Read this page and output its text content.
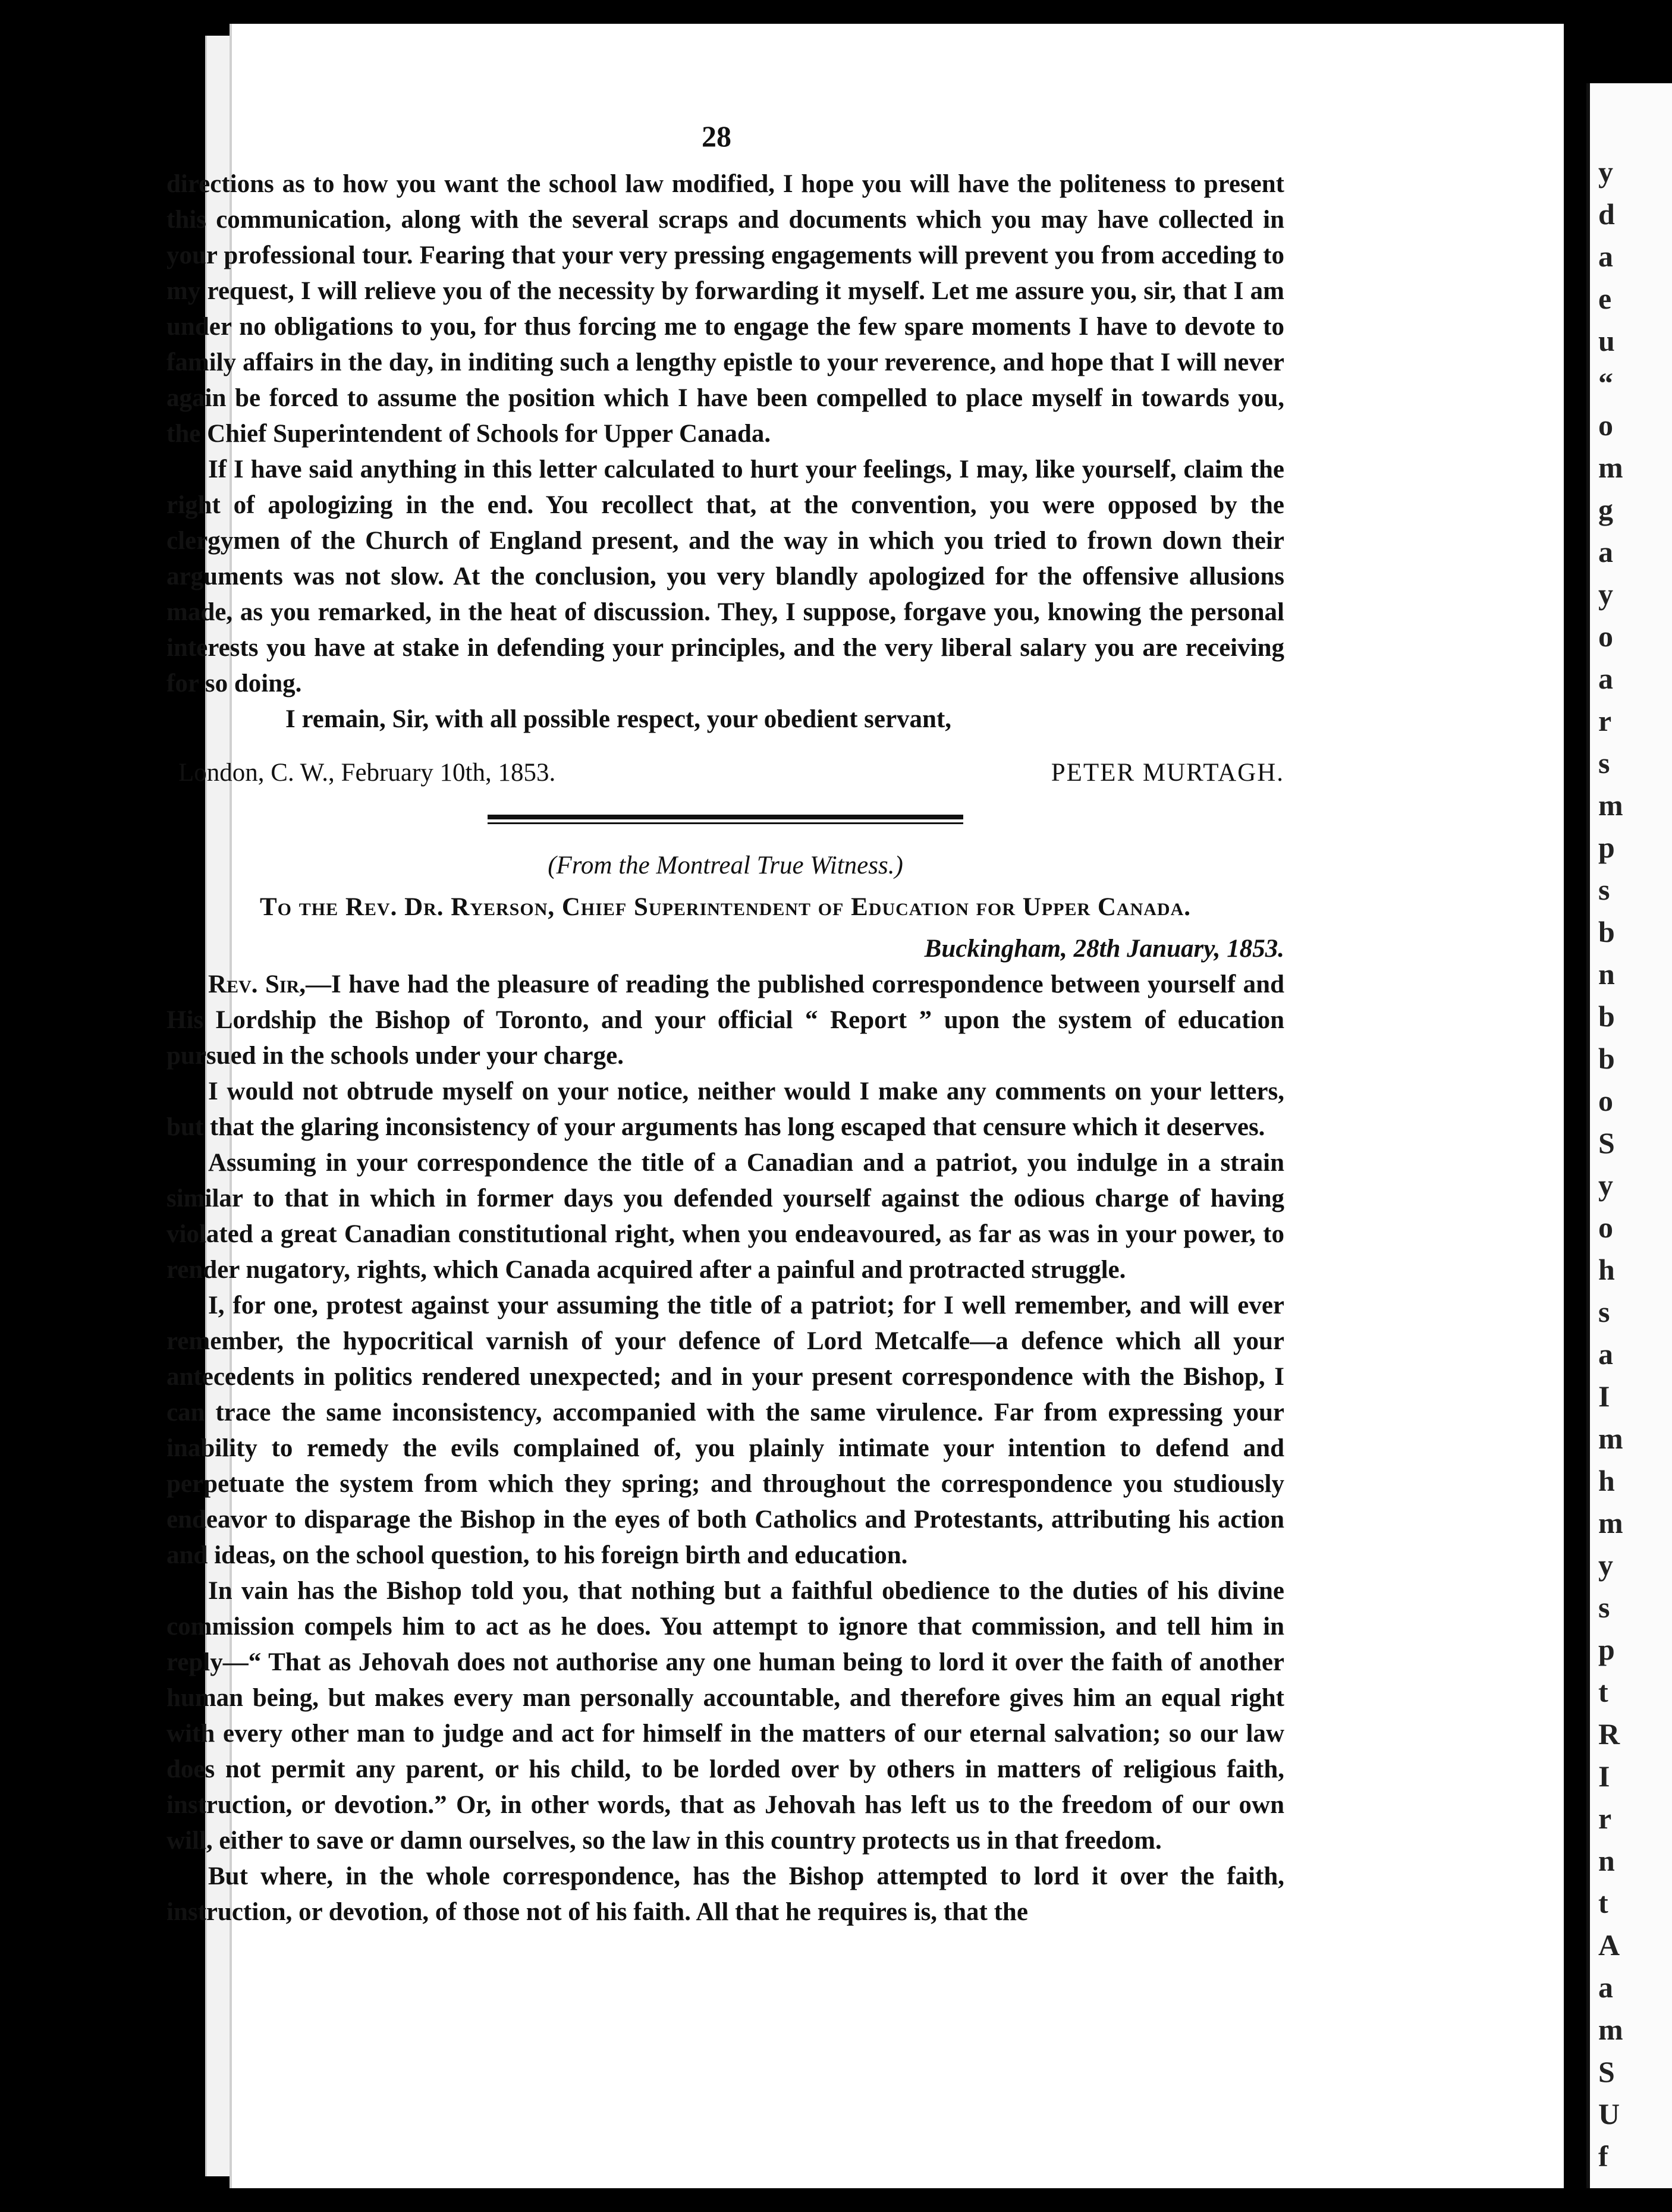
28

directions as to how you want the school law modified, I hope you will have the politeness to present this communication, along with the several scraps and documents which you may have collected in your professional tour. Fearing that your very pressing engagements will prevent you from acceding to my request, I will relieve you of the necessity by forwarding it myself. Let me assure you, sir, that I am under no obligations to you, for thus forcing me to engage the few spare moments I have to devote to family affairs in the day, in inditing such a lengthy epistle to your reverence, and hope that I will never again be forced to assume the position which I have been compelled to place myself in towards you, the Chief Superintendent of Schools for Upper Canada.

If I have said anything in this letter calculated to hurt your feelings, I may, like yourself, claim the right of apologizing in the end. You recollect that, at the convention, you were opposed by the clergymen of the Church of England present, and the way in which you tried to frown down their arguments was not slow. At the conclusion, you very blandly apologized for the offensive allusions made, as you remarked, in the heat of discussion. They, I suppose, forgave you, knowing the personal interests you have at stake in defending your principles, and the very liberal salary you are receiving for so doing.

I remain, Sir, with all possible respect, your obedient servant,

London, C. W., February 10th, 1853.	PETER MURTAGH.
(From the Montreal True Witness.)
To the Rev. Dr. Ryerson, Chief Superintendent of Education for Upper Canada.
Buckingham, 28th January, 1853.

Rev. Sir,—I have had the pleasure of reading the published correspondence between yourself and His Lordship the Bishop of Toronto, and your official “ Report ” upon the system of education pursued in the schools under your charge.

I would not obtrude myself on your notice, neither would I make any comments on your letters, but that the glaring inconsistency of your arguments has long escaped that censure which it deserves.

Assuming in your correspondence the title of a Canadian and a patriot, you indulge in a strain similar to that in which in former days you defended yourself against the odious charge of having violated a great Canadian constitutional right, when you endeavoured, as far as was in your power, to render nugatory, rights, which Canada acquired after a painful and protracted struggle.

I, for one, protest against your assuming the title of a patriot; for I well remember, and will ever remember, the hypocritical varnish of your defence of Lord Metcalfe—a defence which all your antecedents in politics rendered unexpected; and in your present correspondence with the Bishop, I can trace the same inconsistency, accompanied with the same virulence. Far from expressing your inability to remedy the evils complained of, you plainly intimate your intention to defend and perpetuate the system from which they spring; and throughout the correspondence you studiously endeavor to disparage the Bishop in the eyes of both Catholics and Protestants, attributing his action and ideas, on the school question, to his foreign birth and education.

In vain has the Bishop told you, that nothing but a faithful obedience to the duties of his divine commission compels him to act as he does. You attempt to ignore that commission, and tell him in reply—“ That as Jehovah does not authorise any one human being to lord it over the faith of another human being, but makes every man personally accountable, and therefore gives him an equal right with every other man to judge and act for himself in the matters of our eternal salvation; so our law does not permit any parent, or his child, to be lorded over by others in matters of religious faith, instruction, or devotion.” Or, in other words, that as Jehovah has left us to the freedom of our own will, either to save or damn ourselves, so the law in this country protects us in that freedom.

But where, in the whole correspondence, has the Bishop attempted to lord it over the faith, instruction, or devotion, of those not of his faith. All that he requires is, that the

y
d
a
e
u
“
o
m
g
a
y
o
a
r
s
m
p
s
b
n
b
b
o
S
y
o
h
s
a
I
m
h
m
y
s
p
t
R
I
r
n
t
A
a
m
S
U
f
